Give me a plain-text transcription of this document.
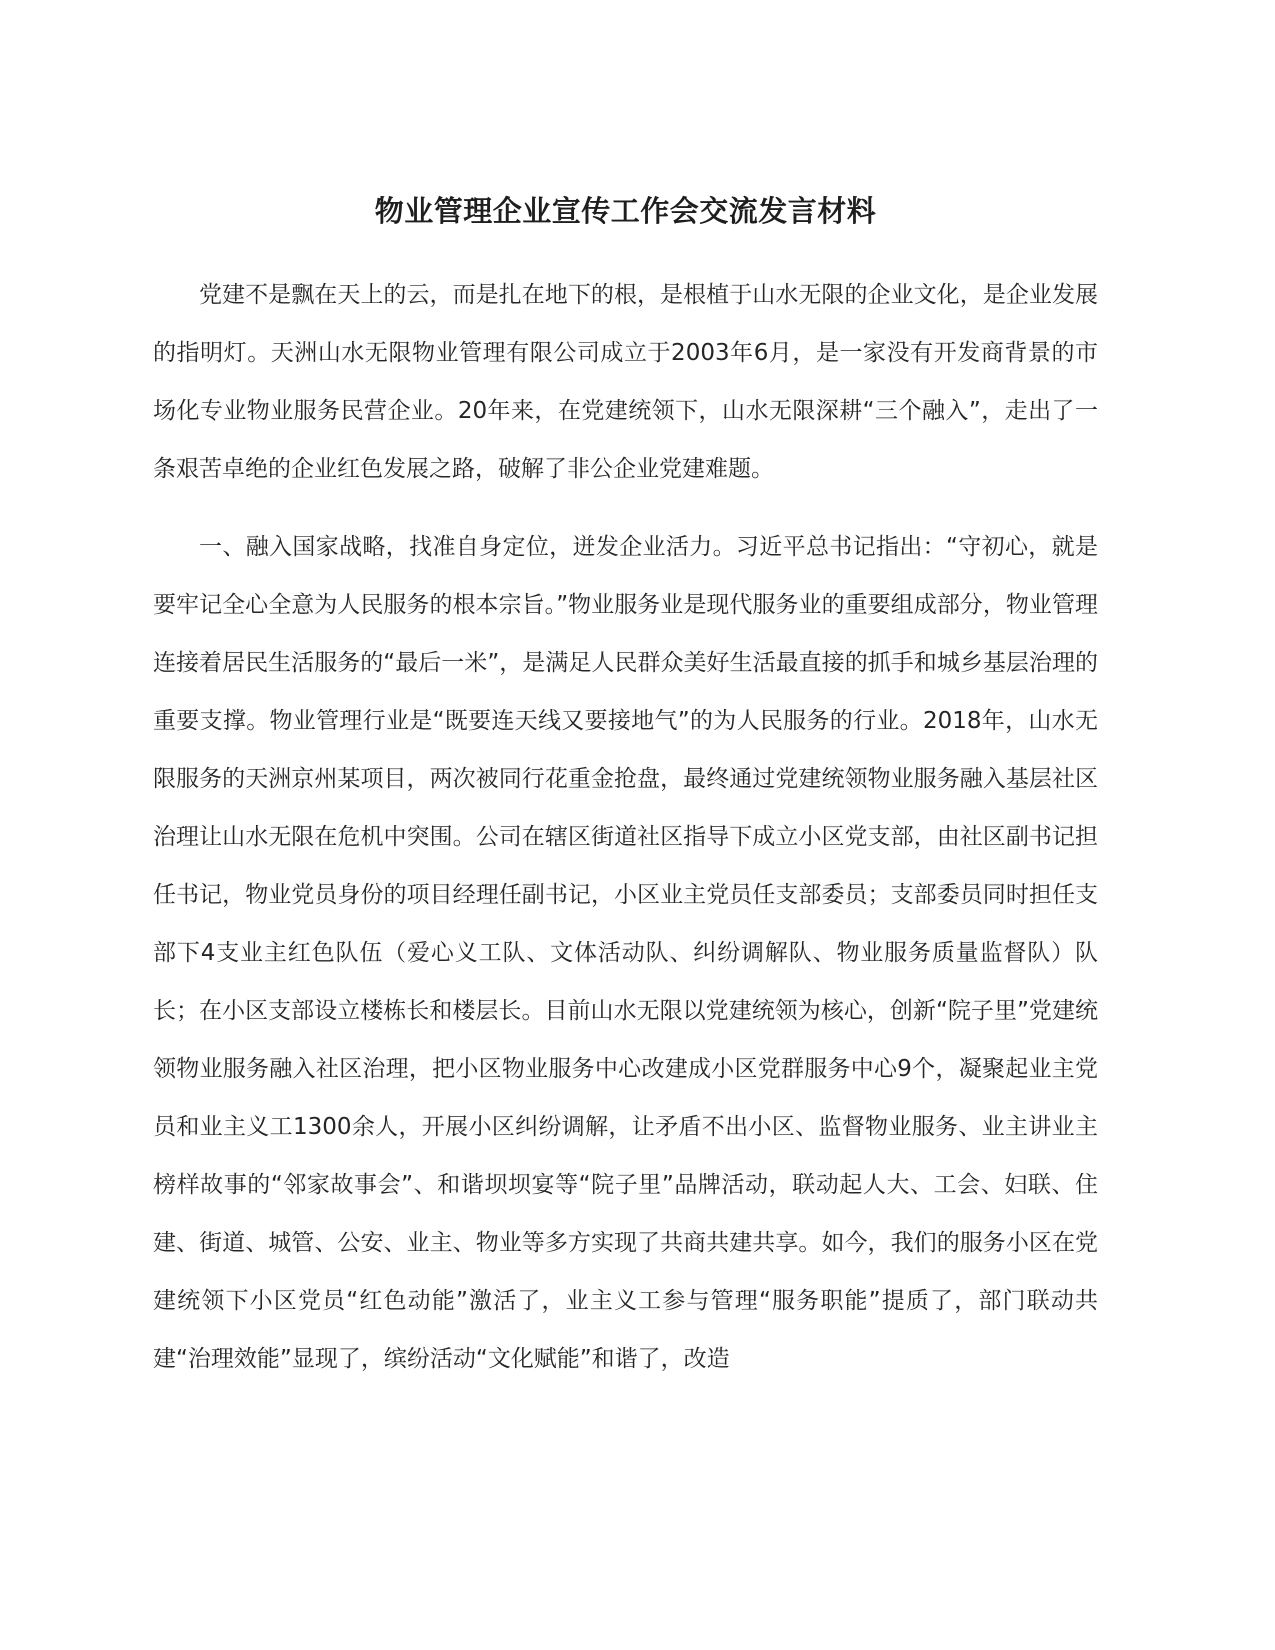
物业管理企业宣传工作会交流发言材料

党建不是飘在天上的云，而是扎在地下的根，是根植于山水无限的企业文化，是企业发展的指明灯。天洲山水无限物业管理有限公司成立于2003年6月，是一家没有开发商背景的市场化专业物业服务民营企业。20年来，在党建统领下，山水无限深耕“三个融入”，走出了一条艰苦卓绝的企业红色发展之路，破解了非公企业党建难题。

一、融入国家战略，找准自身定位，迸发企业活力。习近平总书记指出：“守初心，就是要牢记全心全意为人民服务的根本宗旨。”物业服务业是现代服务业的重要组成部分，物业管理连接着居民生活服务的“最后一米”，是满足人民群众美好生活最直接的抓手和城乡基层治理的重要支撑。物业管理行业是“既要连天线又要接地气”的为人民服务的行业。2018年，山水无限服务的天洲京州某项目，两次被同行花重金抢盘，最终通过党建统领物业服务融入基层社区治理让山水无限在危机中突围。公司在辖区街道社区指导下成立小区党支部，由社区副书记担任书记，物业党员身份的项目经理任副书记，小区业主党员任支部委员；支部委员同时担任支部下4支业主红色队伍（爱心义工队、文体活动队、纠纷调解队、物业服务质量监督队）队长；在小区支部设立楼栋长和楼层长。目前山水无限以党建统领为核心，创新“院子里”党建统领物业服务融入社区治理，把小区物业服务中心改建成小区党群服务中心9个，凝聚起业主党员和业主义工1300余人，开展小区纠纷调解，让矛盾不出小区、监督物业服务、业主讲业主榜样故事的“邻家故事会”、和谐坝坝宴等“院子里”品牌活动，联动起人大、工会、妇联、住建、街道、城管、公安、业主、物业等多方实现了共商共建共享。如今，我们的服务小区在党建统领下小区党员“红色动能”激活了，业主义工参与管理“服务职能”提质了，部门联动共建“治理效能”显现了，缤纷活动“文化赋能”和谐了，改造
